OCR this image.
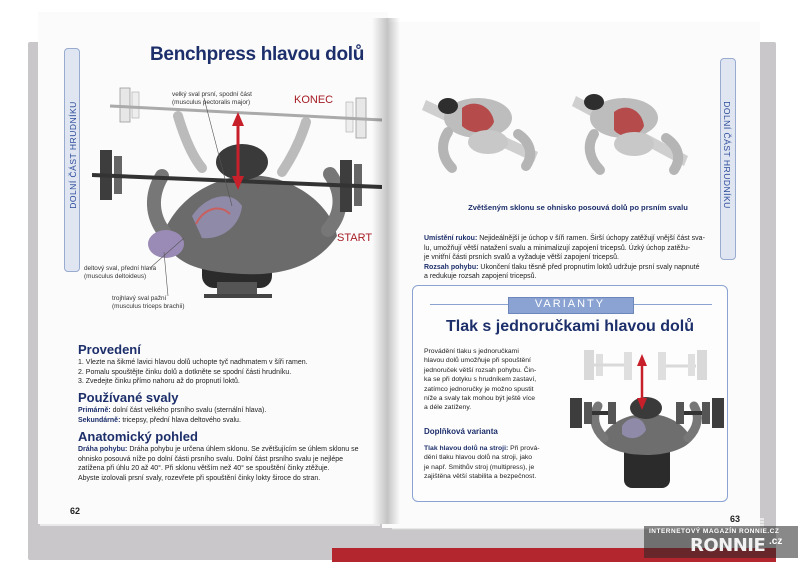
Benchpress hlavou dolů
DOLNÍ ČÁST HRUDNÍKU
KONEC
START
velký sval prsní, spodní část
(musculus pectoralis major)
deltový sval, přední hlava
(musculus deltoideus)
trojhlavý sval pažní
(musculus triceps brachii)
Provedení
1. Vlezte na šikmé lavici hlavou dolů uchopte tyč nadhmatem v šíři ramen.
2. Pomalu spouštějte činku dolů a dotkněte se spodní části hrudníku.
3. Zvedejte činku přímo nahoru až do propnutí loktů.
Používané svaly
Primárně: dolní část velkého prsního svalu (sternální hlava).
Sekundárně: tricepsy, přední hlava deltového svalu.
Anatomický pohled
Dráha pohybu: Dráha pohybu je určena úhlem sklonu. Se zvětšujícím se úhlem sklonu se
ohnisko posouvá níže po dolní části prsního svalu. Dolní část prsního svalu je nejlépe
zatížena při úhlu 20 až 40°. Při sklonu větším než 40° se spouštění činky ztěžuje.
Abyste izolovali prsní svaly, rozevřete při spouštění činky lokty široce do stran.
62
DOLNÍ ČÁST HRUDNÍKU
Zvětšeným sklonu se ohnisko posouvá dolů po prsním svalu
Umístění rukou: Nejideálnější je úchop v šíři ramen. Širší úchopy zatěžují vnější část sva-
lu, umožňují větší natažení svalu a minimalizují zapojení tricepsů. Úzký úchop zatěžu-
je vnitřní části prsních svalů a vyžaduje větší zapojení tricepsů.
Rozsah pohybu: Ukončení tlaku těsně před propnutím loktů udržuje prsní svaly napnuté
a redukuje rozsah zapojení tricepsů.
VARIANTY
Tlak s jednoručkami hlavou dolů
Provádění tlaku s jednoručkami
hlavou dolů umožňuje při spouštění
jednoruček větší rozsah pohybu. Čin-
ka se při dotyku s hrudníkem zastaví,
zatímco jednoručky je možno spustit
níže a svaly tak mohou být ještě více
a déle zatíženy.
Doplňková varianta
Tlak hlavou dolů na stroji: Při prová-
dění tlaku hlavou dolů na stroji, jako
je např. Smithův stroj (multipress), je
zajištěna větší stabilita a bezpečnost.
63
INTERNETOVÝ MAGAZÍN RONNIE.CZ
RONNIE .cz
